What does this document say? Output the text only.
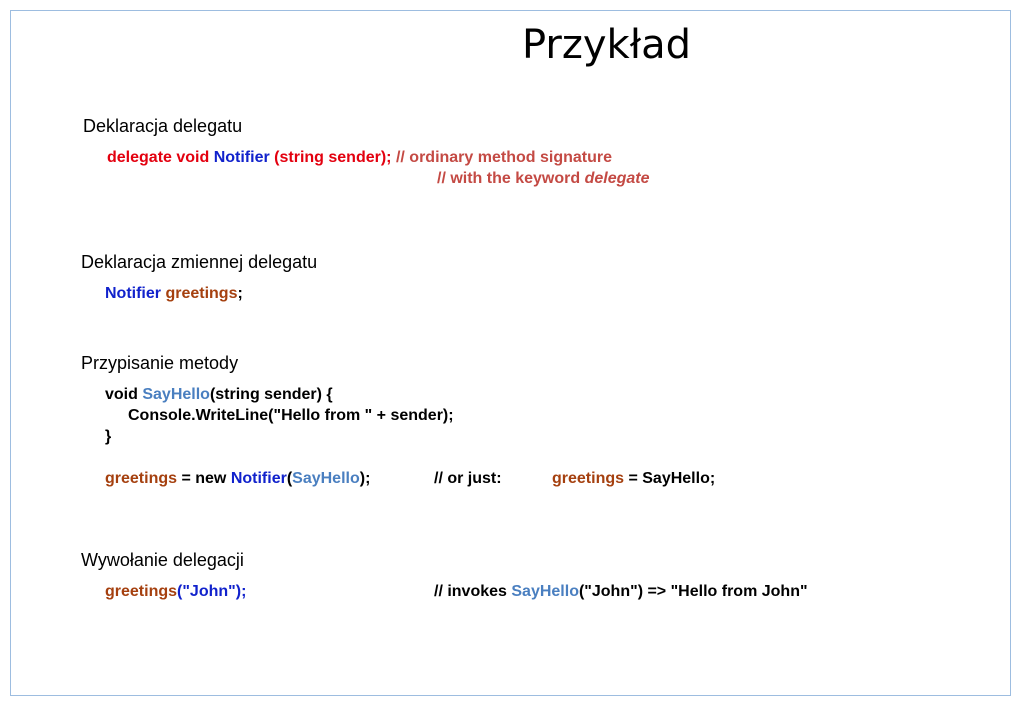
Przykład
Deklaracja delegatu
delegate void Notifier (string sender); // ordinary method signature
// with the keyword delegate
Deklaracja zmiennej delegatu
Notifier greetings;
Przypisanie metody
void SayHello(string sender) {
Console.WriteLine("Hello from " + sender);
}
greetings = new Notifier(SayHello);	// or just:	greetings = SayHello;
Wywołanie delegacji
greetings("John");	// invokes SayHello("John") => "Hello from John"
